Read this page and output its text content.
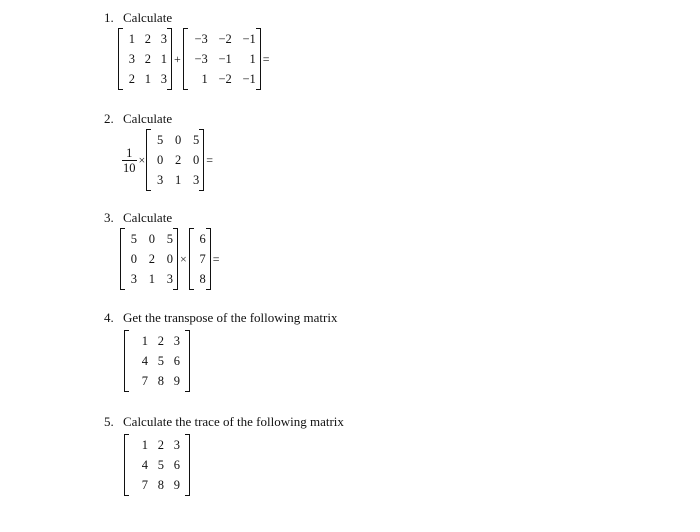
1. Calculate
1 2 3
3 2 1
2 1 3
+
−3 −2 −1
−3 −1	1
1 −2 −1
=
2. Calculate
$\frac{1}{10}$ ×
5 0 5
0 2 0
3 1 3
=
3. Calculate
5 0 5
0 2 0
3 1 3
×
6
7
8
=
4. Get the transpose of the following matrix
1 2 3
4 5 6
7 8 9
5. Calculate the trace of the following matrix
1 2 3
4 5 6
7 8 9
